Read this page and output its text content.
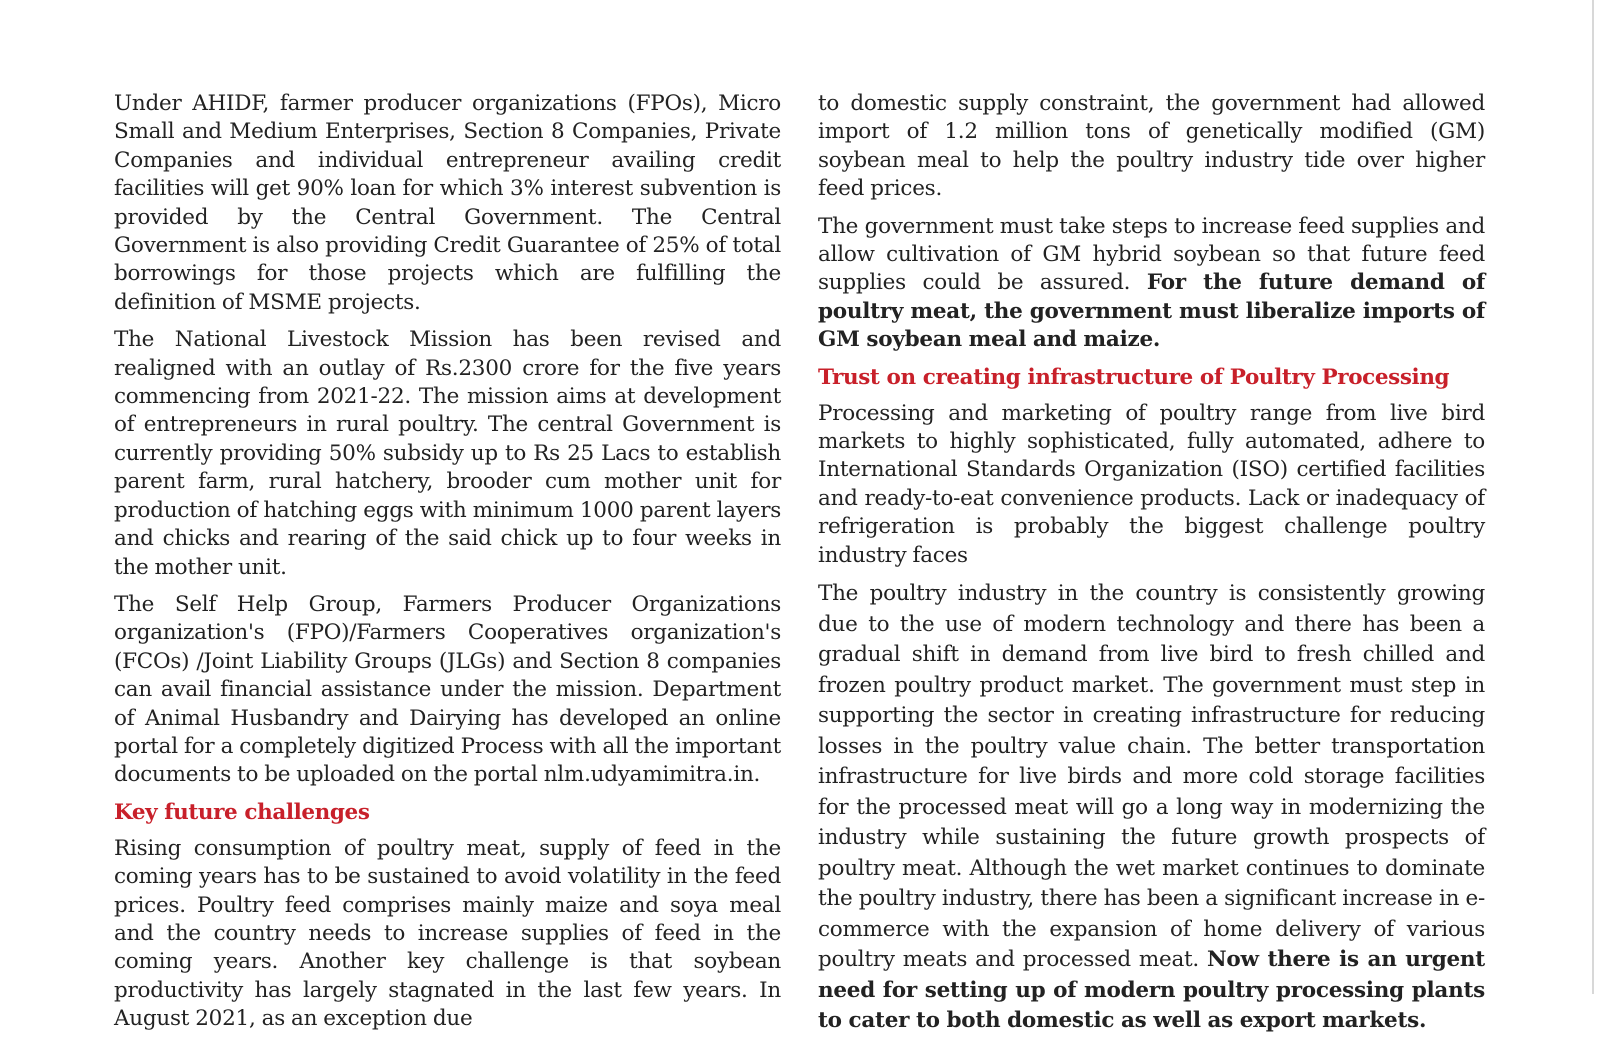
Under AHIDF, farmer producer organizations (FPOs), Micro Small and Medium Enterprises, Section 8 Companies, Private Companies and individual entrepreneur availing credit facilities will get 90% loan for which 3% interest subvention is provided by the Central Government. The Central Government is also providing Credit Guarantee of 25% of total borrowings for those projects which are fulfilling the definition of MSME projects.

The National Livestock Mission has been revised and realigned with an outlay of Rs.2300 crore for the five years commencing from 2021-22. The mission aims at development of entrepreneurs in rural poultry. The central Government is currently providing 50% subsidy up to Rs 25 Lacs to establish parent farm, rural hatchery, brooder cum mother unit for production of hatching eggs with minimum 1000 parent layers and chicks and rearing of the said chick up to four weeks in the mother unit.

The Self Help Group, Farmers Producer Organizations organization's (FPO)/Farmers Cooperatives organization's (FCOs) /Joint Liability Groups (JLGs) and Section 8 companies can avail financial assistance under the mission. Department of Animal Husbandry and Dairying has developed an online portal for a completely digitized Process with all the important documents to be uploaded on the portal nlm.udyamimitra.in.

Key future challenges

Rising consumption of poultry meat, supply of feed in the coming years has to be sustained to avoid volatility in the feed prices. Poultry feed comprises mainly maize and soya meal and the country needs to increase supplies of feed in the coming years. Another key challenge is that soybean productivity has largely stagnated in the last few years. In August 2021, as an exception due

to domestic supply constraint, the government had allowed import of 1.2 million tons of genetically modified (GM) soybean meal to help the poultry industry tide over higher feed prices.

The government must take steps to increase feed supplies and allow cultivation of GM hybrid soybean so that future feed supplies could be assured. For the future demand of poultry meat, the government must liberalize imports of GM soybean meal and maize.

Trust on creating infrastructure of Poultry Processing

Processing and marketing of poultry range from live bird markets to highly sophisticated, fully automated, adhere to International Standards Organization (ISO) certified facilities and ready-to-eat convenience products. Lack or inadequacy of refrigeration is probably the biggest challenge poultry industry faces

The poultry industry in the country is consistently growing due to the use of modern technology and there has been a gradual shift in demand from live bird to fresh chilled and frozen poultry product market. The government must step in supporting the sector in creating infrastructure for reducing losses in the poultry value chain. The better transportation infrastructure for live birds and more cold storage facilities for the processed meat will go a long way in modernizing the industry while sustaining the future growth prospects of poultry meat. Although the wet market continues to dominate the poultry industry, there has been a significant increase in e-commerce with the expansion of home delivery of various poultry meats and processed meat. Now there is an urgent need for setting up of modern poultry processing plants to cater to both domestic as well as export markets.
